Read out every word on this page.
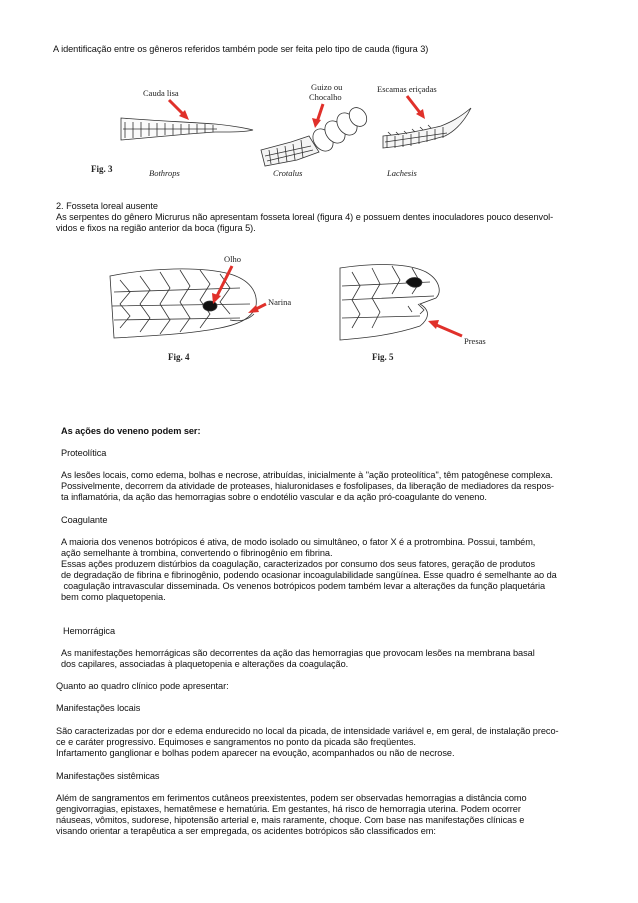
A identificação entre os gêneros referidos também pode ser feita pelo tipo de cauda (figura 3)
Cauda lisa
Guizo ou
Chocalho
Escamas eriçadas
Fig. 3	Bothrops	Crotalus	Lachesis
2. Fosseta loreal ausente
As serpentes do gênero Micrurus não apresentam fosseta loreal (figura 4) e possuem dentes inoculadores pouco desenvol-
vidos e fixos na região anterior da boca (figura 5).
Olho
Narina
Fig. 4
Presas
Fig. 5
As ações do veneno podem ser:
Proteolítica
As lesões locais, como edema, bolhas e necrose, atribuídas, inicialmente à "ação proteolítica", têm patogênese complexa.
Possivelmente, decorrem da atividade de proteases, hialuronidases e fosfolipases, da liberação de mediadores da respos-
ta inflamatória, da ação das hemorragias sobre o endotélio vascular e da ação pró-coagulante do veneno.
Coagulante
A maioria dos venenos botrópicos é ativa, de modo isolado ou simultâneo, o fator X é a protrombina. Possui, também,
ação semelhante à trombina, convertendo o fibrinogênio em fibrina.
Essas ações produzem distúrbios da coagulação, caracterizados por consumo dos seus fatores, geração de produtos
de degradação de fibrina e fibrinogênio, podendo ocasionar incoagulabilidade sangüínea. Esse quadro é semelhante ao da
coagulação intravascular disseminada. Os venenos botrópicos podem também levar a alterações da função plaquetária
bem como plaquetopenia.
Hemorrágica
As manifestações hemorrágicas são decorrentes da ação das hemorragias que provocam lesões na membrana basal
dos capilares, associadas à plaquetopenia e alterações da coagulação.
Quanto ao quadro clínico pode apresentar:
Manifestações locais
São caracterizadas por dor e edema endurecido no local da picada, de intensidade variável e, em geral, de instalação preco-
ce e caráter progressivo. Equimoses e sangramentos no ponto da picada são freqüentes.
Infartamento ganglionar e bolhas podem aparecer na evoução, acompanhados ou não de necrose.
Manifestações sistêmicas
Além de sangramentos em ferimentos cutâneos preexistentes, podem ser observadas hemorragias a distância como
gengivorragias, epistaxes, hematêmese e hematúria. Em gestantes, há risco de hemorragia uterina. Podem ocorrer
náuseas, vômitos, sudorese, hipotensão arterial e, mais raramente, choque. Com base nas manifestações clínicas e
visando orientar a terapêutica a ser empregada, os acidentes botrópicos são classificados em:
